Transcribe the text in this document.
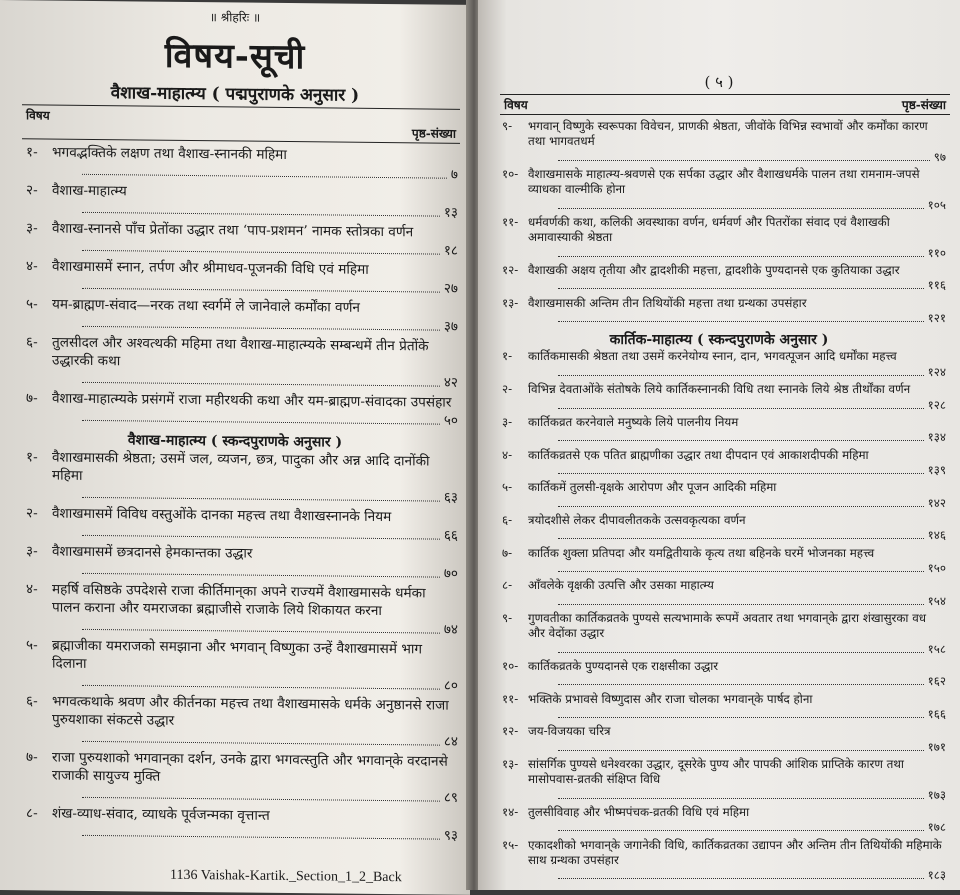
॥ श्रीहरिः ॥
विषय-सूची
वैशाख-माहात्म्य ( पद्मपुराणके अनुसार )
विषय
पृष्ठ-संख्या
१- भगवद्भक्तिके लक्षण तथा वैशाख-स्नानकी महिमा
७
२- वैशाख-माहात्म्य
१३
३- वैशाख-स्नानसे पाँच प्रेतोंका उद्धार तथा ‘पाप-प्रशमन’ नामक स्तोत्रका वर्णन
१८
४- वैशाखमासमें स्नान, तर्पण और श्रीमाधव-पूजनकी विधि एवं महिमा
२७
५- यम-ब्राह्मण-संवाद—नरक तथा स्वर्गमें ले जानेवाले कर्मोंका वर्णन
३७
६- तुलसीदल और अश्वत्थकी महिमा तथा वैशाख-माहात्म्यके सम्बन्धमें तीन प्रेतोंके उद्धारकी कथा
४२
७- वैशाख-माहात्म्यके प्रसंगमें राजा महीरथकी कथा और यम-ब्राह्मण-संवादका उपसंहार
५०
वैशाख-माहात्म्य ( स्कन्दपुराणके अनुसार )
१- वैशाखमासकी श्रेष्ठता; उसमें जल, व्यजन, छत्र, पादुका और अन्न आदि दानोंकी महिमा
६३
२- वैशाखमासमें विविध वस्तुओंके दानका महत्त्व तथा वैशाखस्नानके नियम
६६
३- वैशाखमासमें छत्रदानसे हेमकान्तका उद्धार
७०
४- महर्षि वसिष्ठके उपदेशसे राजा कीर्तिमान्‌का अपने राज्यमें वैशाखमासके धर्मका पालन कराना और यमराजका ब्रह्माजीसे राजाके लिये शिकायत करना
७४
५- ब्रह्माजीका यमराजको समझाना और भगवान् विष्णुका उन्हें वैशाखमासमें भाग दिलाना
८०
६- भगवत्कथाके श्रवण और कीर्तनका महत्त्व तथा वैशाखमासके धर्मके अनुष्ठानसे राजा पुरुयशाका संकटसे उद्धार
८४
७- राजा पुरुयशाको भगवान्‌का दर्शन, उनके द्वारा भगवत्स्तुति और भगवान्‌के वरदानसे राजाकी सायुज्य मुक्ति
८९
८- शंख-व्याध-संवाद, व्याधके पूर्वजन्मका वृत्तान्त
९३
1136 Vaishak-Kartik._Section_1_2_Back
( ५ )
विषय	पृष्ठ-संख्या
९- भगवान् विष्णुके स्वरूपका विवेचन, प्राणकी श्रेष्ठता, जीवोंके विभिन्न स्वभावों और कर्मोंका कारण तथा भागवतधर्म
९७
१०- वैशाखमासके माहात्म्य-श्रवणसे एक सर्पका उद्धार और वैशाखधर्मके पालन तथा रामनाम-जपसे व्याधका वाल्मीकि होना
१०५
११- धर्मवर्णकी कथा, कलिकी अवस्थाका वर्णन, धर्मवर्ण और पितरोंका संवाद एवं वैशाखकी अमावास्याकी श्रेष्ठता
११०
१२- वैशाखकी अक्षय तृतीया और द्वादशीकी महत्ता, द्वादशीके पुण्यदानसे एक कुतियाका उद्धार
११६
१३- वैशाखमासकी अन्तिम तीन तिथियोंकी महत्ता तथा ग्रन्थका उपसंहार
१२१
कार्तिक-माहात्म्य ( स्कन्दपुराणके अनुसार )
१- कार्तिकमासकी श्रेष्ठता तथा उसमें करनेयोग्य स्नान, दान, भगवत्पूजन आदि धर्मोंका महत्त्व
१२४
२- विभिन्न देवताओंके संतोषके लिये कार्तिकस्नानकी विधि तथा स्नानके लिये श्रेष्ठ तीर्थोंका वर्णन
१२८
३- कार्तिकव्रत करनेवाले मनुष्यके लिये पालनीय नियम
१३४
४- कार्तिकव्रतसे एक पतित ब्राह्मणीका उद्धार तथा दीपदान एवं आकाशदीपकी महिमा
१३९
५- कार्तिकमें तुलसी-वृक्षके आरोपण और पूजन आदिकी महिमा
१४२
६- त्रयोदशीसे लेकर दीपावलीतकके उत्सवकृत्यका वर्णन
१४६
७- कार्तिक शुक्ला प्रतिपदा और यमद्वितीयाके कृत्य तथा बहिनके घरमें भोजनका महत्त्व
१५०
८- आँवलेके वृक्षकी उत्पत्ति और उसका माहात्म्य
१५४
९- गुणवतीका कार्तिकव्रतके पुण्यसे सत्यभामाके रूपमें अवतार तथा भगवान्‌के द्वारा शंखासुरका वध और वेदोंका उद्धार
१५८
१०- कार्तिकव्रतके पुण्यदानसे एक राक्षसीका उद्धार
१६२
११- भक्तिके प्रभावसे विष्णुदास और राजा चोलका भगवान्‌के पार्षद होना
१६६
१२- जय-विजयका चरित्र
१७१
१३- सांसर्गिक पुण्यसे धनेश्वरका उद्धार, दूसरेके पुण्य और पापकी आंशिक प्राप्तिके कारण तथा मासोपवास-व्रतकी संक्षिप्त विधि
१७३
१४- तुलसीविवाह और भीष्मपंचक-व्रतकी विधि एवं महिमा
१७८
१५- एकादशीको भगवान्‌के जगानेकी विधि, कार्तिकव्रतका उद्यापन और अन्तिम तीन तिथियोंकी महिमाके साथ ग्रन्थका उपसंहार
१८३
